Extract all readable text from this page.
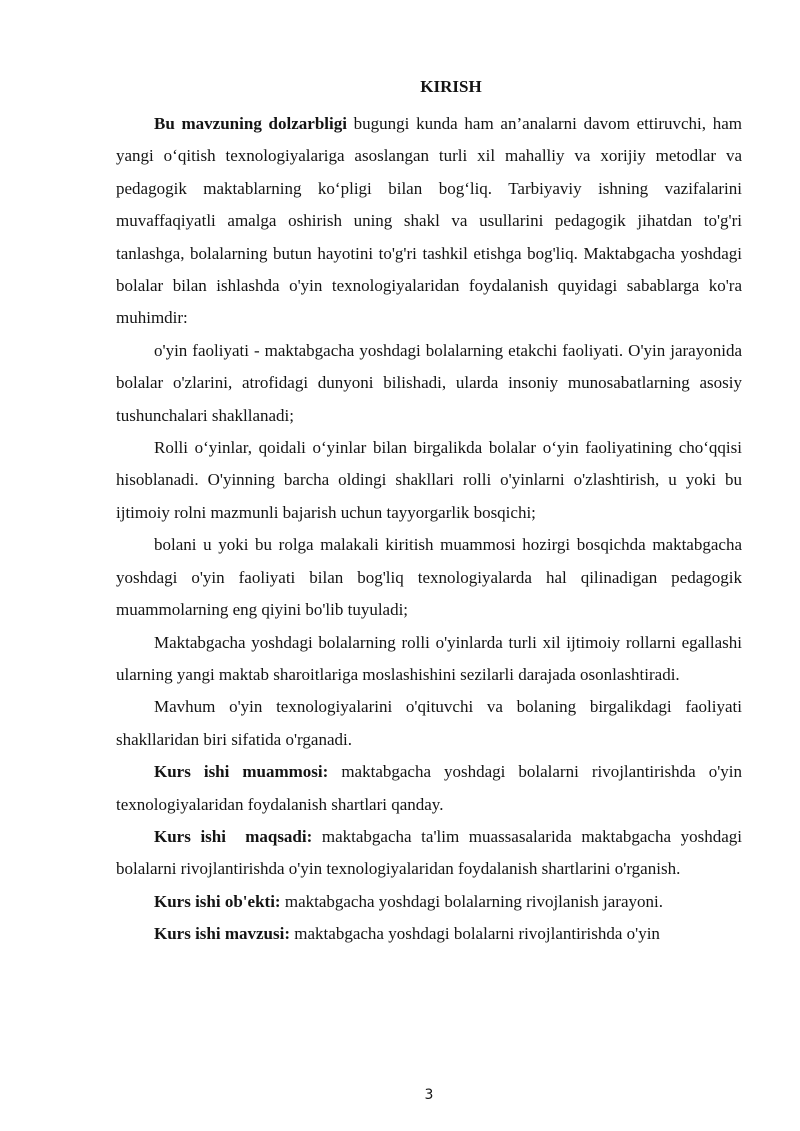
KIRISH

Bu mavzuning dolzarbligi bugungi kunda ham an’analarni davom ettiruvchi, ham yangi o‘qitish texnologiyalariga asoslangan turli xil mahalliy va xorijiy metodlar va pedagogik maktablarning ko‘pligi bilan bog‘liq. Tarbiyaviy ishning vazifalarini muvaffaqiyatli amalga oshirish uning shakl va usullarini pedagogik jihatdan to'g'ri tanlashga, bolalarning butun hayotini to'g'ri tashkil etishga bog'liq. Maktabgacha yoshdagi bolalar bilan ishlashda o'yin texnologiyalaridan foydalanish quyidagi sabablarga ko'ra muhimdir:

o'yin faoliyati - maktabgacha yoshdagi bolalarning etakchi faoliyati. O'yin jarayonida bolalar o'zlarini, atrofidagi dunyoni bilishadi, ularda insoniy munosabatlarning asosiy tushunchalari shakllanadi;

Rolli o‘yinlar, qoidali o‘yinlar bilan birgalikda bolalar o‘yin faoliyatining cho‘qqisi hisoblanadi. O'yinning barcha oldingi shakllari rolli o'yinlarni o'zlashtirish, u yoki bu ijtimoiy rolni mazmunli bajarish uchun tayyorgarlik bosqichi;

bolani u yoki bu rolga malakali kiritish muammosi hozirgi bosqichda maktabgacha yoshdagi o'yin faoliyati bilan bog'liq texnologiyalarda hal qilinadigan pedagogik muammolarning eng qiyini bo'lib tuyuladi;

Maktabgacha yoshdagi bolalarning rolli o'yinlarda turli xil ijtimoiy rollarni egallashi ularning yangi maktab sharoitlariga moslashishini sezilarli darajada osonlashtiradi.

Mavhum o'yin texnologiyalarini o'qituvchi va bolaning birgalikdagi faoliyati shakllaridan biri sifatida o'rganadi.

Kurs ishi muammosi: maktabgacha yoshdagi bolalarni rivojlantirishda o'yin texnologiyalaridan foydalanish shartlari qanday.

Kurs ishi  maqsadi: maktabgacha ta'lim muassasalarida maktabgacha yoshdagi bolalarni rivojlantirishda o'yin texnologiyalaridan foydalanish shartlarini o'rganish.

Kurs ishi ob'ekti: maktabgacha yoshdagi bolalarning rivojlanish jarayoni.

Kurs ishi mavzusi: maktabgacha yoshdagi bolalarni rivojlantirishda o'yin

3
